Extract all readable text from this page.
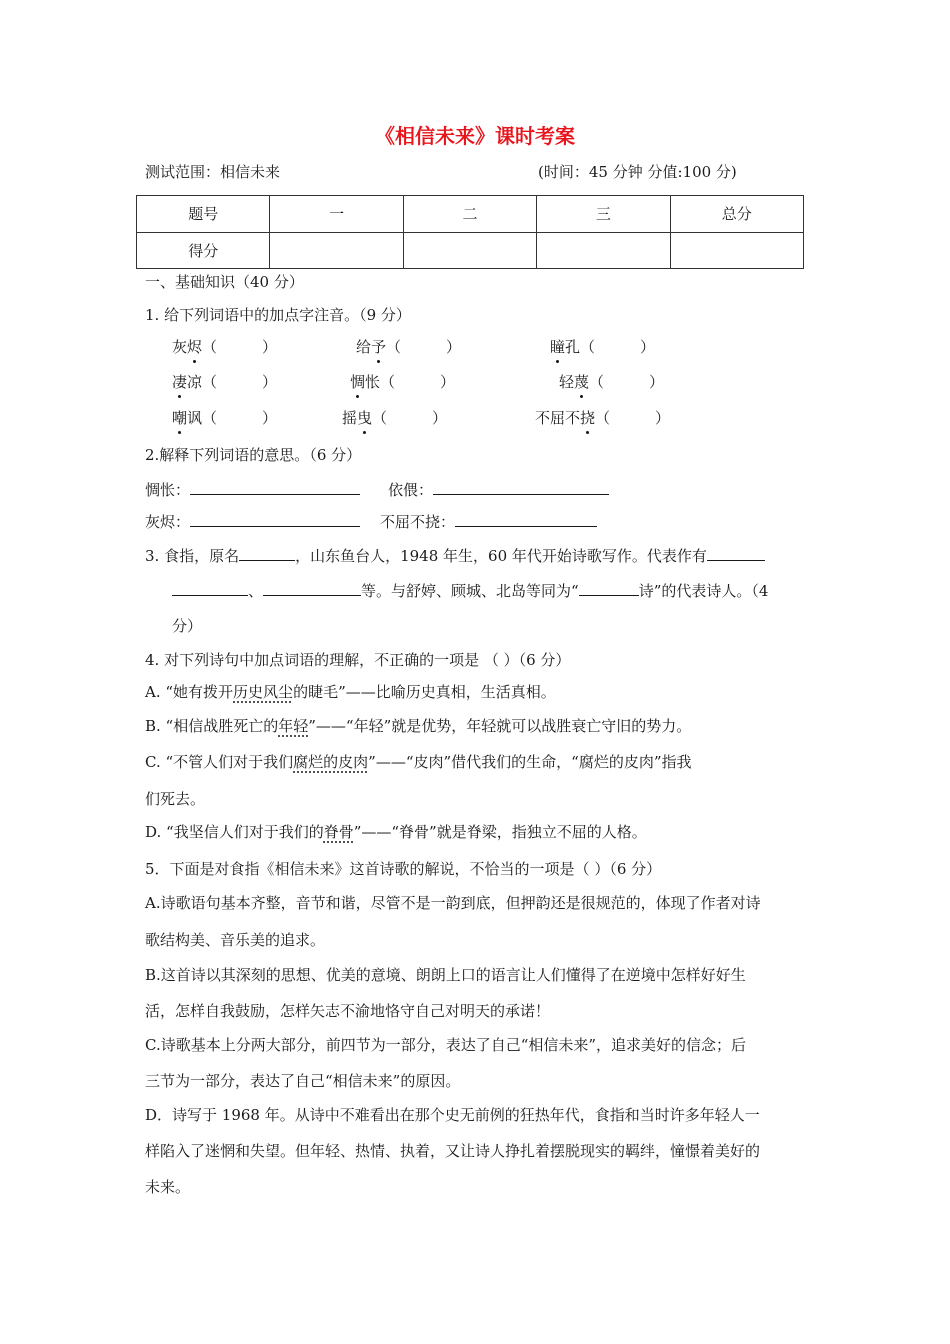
《相信未来》课时考案
测试范围：相信未来	(时间：45 分钟 分值:100 分)
题号	一	二	三	总分
得分				
一、基础知识（40 分）
1. 给下列词语中的加点字注音。（9 分）
灰烬（　　　）	给予（　　　）	瞳孔（　　　）
凄凉（　　　）	惆怅（　　　）	轻蔑（　　　）
嘲讽（　　　）	摇曳（　　　）	不屈不挠（　　　）
2.解释下列词语的意思。（6 分）
惆怅：	依偎：
灰烬：	不屈不挠：
3. 食指，原名	，山东鱼台人，1948 年生，60 年代开始诗歌写作。代表作有
、	等。与舒婷、顾城、北岛等同为“	诗”的代表诗人。（4
分）
4. 对下列诗句中加点词语的理解，不正确的一项是 （ ）（6 分）
A. “她有拨开历史风尘的睫毛”——比喻历史真相，生活真相。
B. “相信战胜死亡的年轻”——“年轻”就是优势，年轻就可以战胜衰亡守旧的势力。
C. “不管人们对于我们腐烂的皮肉”——“皮肉”借代我们的生命，“腐烂的皮肉”指我
们死去。
D. “我坚信人们对于我们的脊骨”——“脊骨”就是脊梁，指独立不屈的人格。
5．下面是对食指《相信未来》这首诗歌的解说，不恰当的一项是（ ）（6 分）
A.诗歌语句基本齐整，音节和谐，尽管不是一韵到底，但押韵还是很规范的，体现了作者对诗
歌结构美、音乐美的追求。
B.这首诗以其深刻的思想、优美的意境、朗朗上口的语言让人们懂得了在逆境中怎样好好生
活，怎样自我鼓励，怎样矢志不渝地恪守自己对明天的承诺！
C.诗歌基本上分两大部分，前四节为一部分，表达了自己“相信未来”，追求美好的信念；后
三节为一部分，表达了自己“相信未来”的原因。
D．诗写于 1968 年。从诗中不难看出在那个史无前例的狂热年代，食指和当时许多年轻人一
样陷入了迷惘和失望。但年轻、热情、执着，又让诗人挣扎着摆脱现实的羁绊，憧憬着美好的
未来。
